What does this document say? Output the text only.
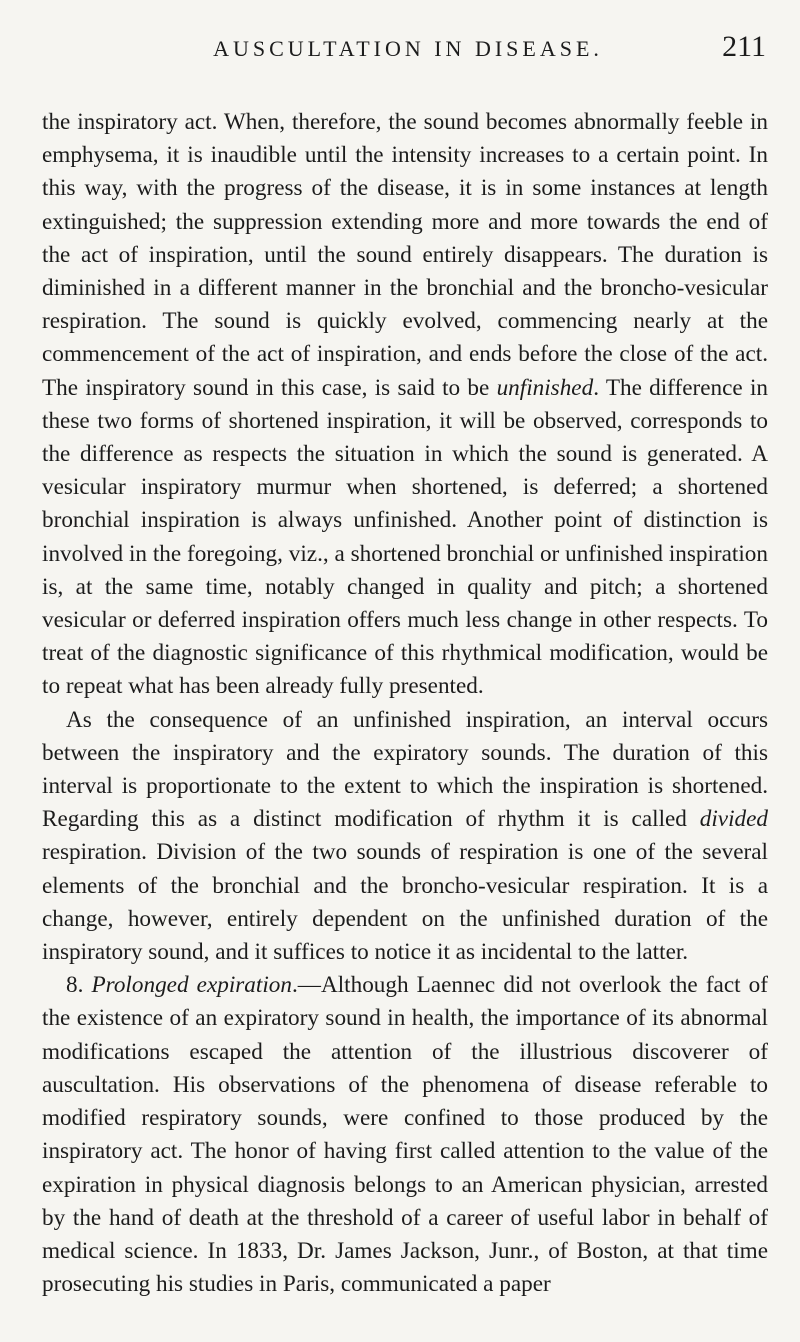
AUSCULTATION IN DISEASE.	211

the inspiratory act. When, therefore, the sound becomes abnormally feeble in emphysema, it is inaudible until the intensity increases to a certain point. In this way, with the progress of the disease, it is in some instances at length extinguished; the suppression extending more and more towards the end of the act of inspiration, until the sound entirely disappears. The duration is diminished in a different manner in the bronchial and the broncho-vesicular respiration. The sound is quickly evolved, commencing nearly at the commencement of the act of inspiration, and ends before the close of the act. The inspiratory sound in this case, is said to be unfinished. The difference in these two forms of shortened inspiration, it will be observed, corresponds to the difference as respects the situation in which the sound is generated. A vesicular inspiratory murmur when shortened, is deferred; a shortened bronchial inspiration is always unfinished. Another point of distinction is involved in the foregoing, viz., a shortened bronchial or unfinished inspiration is, at the same time, notably changed in quality and pitch; a shortened vesicular or deferred inspiration offers much less change in other respects. To treat of the diagnostic significance of this rhythmical modification, would be to repeat what has been already fully presented.

As the consequence of an unfinished inspiration, an interval occurs between the inspiratory and the expiratory sounds. The duration of this interval is proportionate to the extent to which the inspiration is shortened. Regarding this as a distinct modification of rhythm it is called divided respiration. Division of the two sounds of respiration is one of the several elements of the bronchial and the broncho-vesicular respiration. It is a change, however, entirely dependent on the unfinished duration of the inspiratory sound, and it suffices to notice it as incidental to the latter.

8. Prolonged expiration.—Although Laennec did not overlook the fact of the existence of an expiratory sound in health, the importance of its abnormal modifications escaped the attention of the illustrious discoverer of auscultation. His observations of the phenomena of disease referable to modified respiratory sounds, were confined to those produced by the inspiratory act. The honor of having first called attention to the value of the expiration in physical diagnosis belongs to an American physician, arrested by the hand of death at the threshold of a career of useful labor in behalf of medical science. In 1833, Dr. James Jackson, Junr., of Boston, at that time prosecuting his studies in Paris, communicated a paper
